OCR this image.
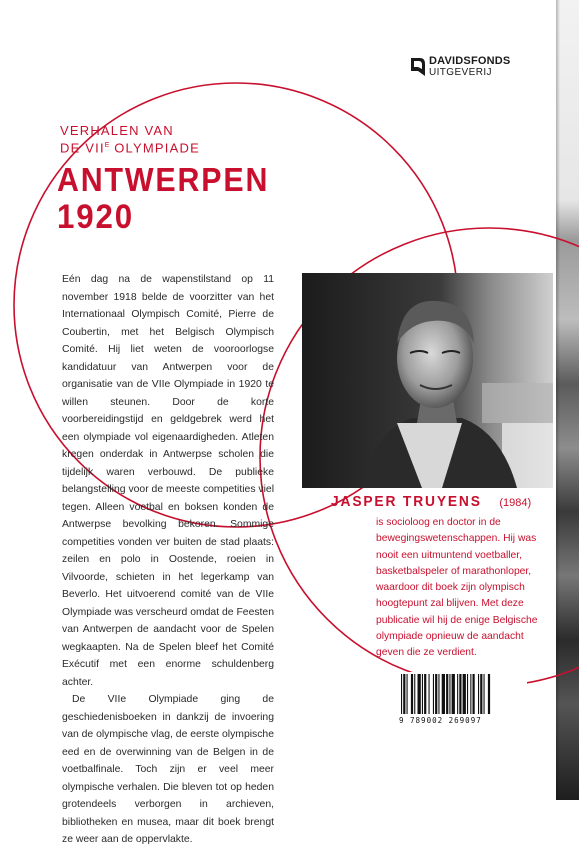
DAVIDSFONDS
UITGEVERIJ
VERHALEN VAN
DE $VII^E$ OLYMPIADE
ANTWERPEN
1920

Eén dag na de wapenstilstand op 11 november 1918 belde de voorzitter van het Internationaal Olympisch Comité, Pierre de Coubertin, met het Belgisch Olympisch Comité. Hij liet weten de vooroorlogse kandidatuur van Antwerpen voor de organisatie van de VIIe Olympiade in 1920 te willen steunen. Door de korte voorbereidingstijd en geldgebrek werd het een olympiade vol eigenaardigheden. Atleten kregen onderdak in Antwerpse scholen die tijdelijk waren verbouwd. De publieke belangstelling voor de meeste competities viel tegen. Alleen voetbal en boksen konden de Antwerpse bevolking bekoren. Sommige competities vonden ver buiten de stad plaats: zeilen en polo in Oostende, roeien in Vilvoorde, schieten in het legerkamp van Beverlo. Het uitvoerend comité van de VIIe Olympiade was verscheurd omdat de Feesten van Antwerpen de aandacht voor de Spelen wegkaapten. Na de Spelen bleef het Comité Exécutif met een enorme schuldenberg achter.

De VIIe Olympiade ging de geschiedenisboeken in dankzij de invoering van de olympische vlag, de eerste olympische eed en de overwinning van de Belgen in de voetbalfinale. Toch zijn er veel meer olympische verhalen. Die bleven tot op heden grotendeels verborgen in archieven, bibliotheken en musea, maar dit boek brengt ze weer aan de oppervlakte.

JASPER TRUYENS (1984)
is socioloog en doctor in de
bewegingswetenschappen. Hij was
nooit een uitmuntend voetballer,
basketbalspeler of marathonloper,
waardoor dit boek zijn olympisch
hoogtepunt zal blijven. Met deze
publicatie wil hij de enige Belgische
olympiade opnieuw de aandacht
geven die ze verdient.
9 789002 269097
